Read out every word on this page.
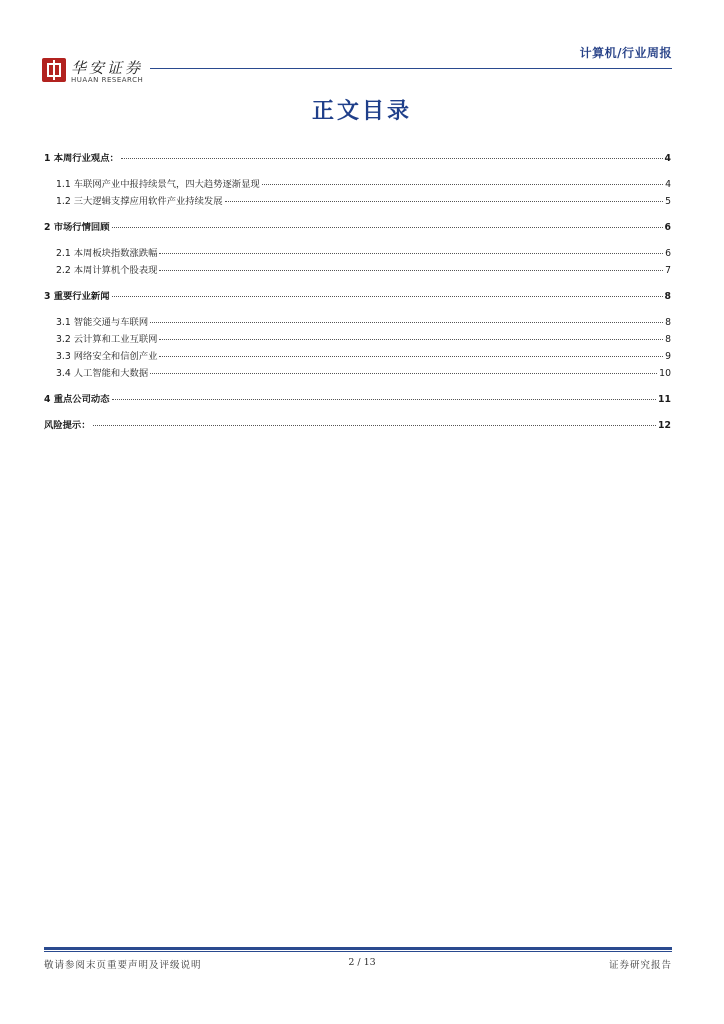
华安证券
HUAAN RESEARCH
计算机/行业周报
正文目录
1 本周行业观点：	4
1.1 车联网产业中报持续景气，四大趋势逐渐显现	4
1.2 三大逻辑支撑应用软件产业持续发展	5
2 市场行情回顾	6
2.1 本周板块指数涨跌幅	6
2.2 本周计算机个股表现	7
3 重要行业新闻	8
3.1 智能交通与车联网	8
3.2 云计算和工业互联网	8
3.3 网络安全和信创产业	9
3.4 人工智能和大数据	10
4 重点公司动态	11
风险提示：	12
敬请参阅末页重要声明及评级说明	2 / 13	证券研究报告
